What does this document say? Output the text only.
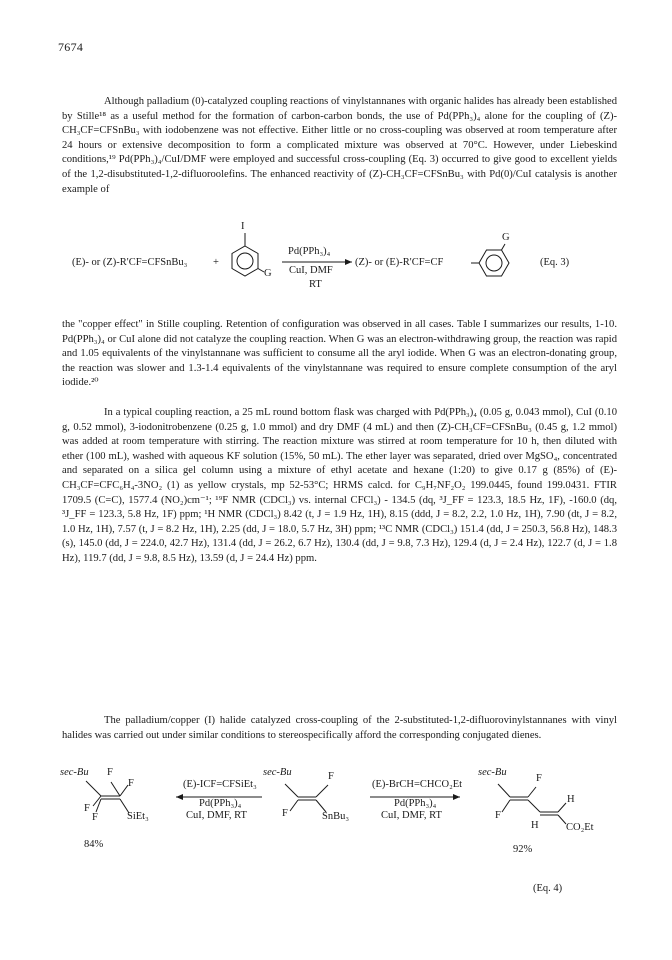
7674

Although palladium (0)-catalyzed coupling reactions of vinylstannanes with organic halides has already been established by Stille¹⁸ as a useful method for the formation of carbon-carbon bonds, the use of Pd(PPh₃)₄ alone for the coupling of (Z)-CH₃CF=CFSnBu₃ with iodobenzene was not effective. Either little or no cross-coupling was observed at room temperature after 24 hours or extensive decomposition to form a complicated mixture was observed at 70°C. However, under Liebeskind conditions,¹⁹ Pd(PPh₃)₄/CuI/DMF were employed and successful cross-coupling (Eq. 3) occurred to give good to excellent yields of the 1,2-disubstituted-1,2-difluoroolefins. The enhanced reactivity of (Z)-CH₃CF=CFSnBu₃ with Pd(0)/CuI catalysis is another example of

(E)- or (Z)-R'CF=CFSnBu₃ +
I
G
Pd(PPh₃)₄
CuI, DMF
RT
(Z)- or (E)-R'CF=CF
G
(Eq. 3)

the "copper effect" in Stille coupling. Retention of configuration was observed in all cases. Table I summarizes our results, 1-10. Pd(PPh₃)₄ or CuI alone did not catalyze the coupling reaction. When G was an electron-withdrawing group, the reaction was rapid and 1.05 equivalents of the vinylstannane was sufficient to consume all the aryl iodide. When G was an electron-donating group, the reaction was slower and 1.3-1.4 equivalents of the vinylstannane was required to ensure complete consumption of the aryl iodide.²⁰

In a typical coupling reaction, a 25 mL round bottom flask was charged with Pd(PPh₃)₄ (0.05 g, 0.043 mmol), CuI (0.10 g, 0.52 mmol), 3-iodonitrobenzene (0.25 g, 1.0 mmol) and dry DMF (4 mL) and then (Z)-CH₃CF=CFSnBu₃ (0.45 g, 1.2 mmol) was added at room temperature with stirring. The reaction mixture was stirred at room temperature for 10 h, then diluted with ether (100 mL), washed with aqueous KF solution (15%, 50 mL). The ether layer was separated, dried over MgSO₄, concentrated and separated on a silica gel column using a mixture of ethyl acetate and hexane (1:20) to give 0.17 g (85%) of (E)-CH₃CF=CFC₆H₄-3NO₂ (1) as yellow crystals, mp 52-53°C; HRMS calcd. for C₉H₇NF₂O₂ 199.0445, found 199.0431. FTIR 1709.5 (C=C), 1577.4 (NO₂)cm⁻¹; ¹⁹F NMR (CDCl₃) vs. internal CFCl₃) - 134.5 (dq, ³J_FF = 123.3, 18.5 Hz, 1F), -160.0 (dq, ³J_FF = 123.3, 5.8 Hz, 1F) ppm; ¹H NMR (CDCl₃) 8.42 (t, J = 1.9 Hz, 1H), 8.15 (ddd, J = 8.2, 2.2, 1.0 Hz, 1H), 7.90 (dt, J = 8.2, 1.0 Hz, 1H), 7.57 (t, J = 8.2 Hz, 1H), 2.25 (dd, J = 18.0, 5.7 Hz, 3H) ppm; ¹³C NMR (CDCl₃) 151.4 (dd, J = 250.3, 56.8 Hz), 148.3 (s), 145.0 (dd, J = 224.0, 42.7 Hz), 131.4 (dd, J = 26.2, 6.7 Hz), 130.4 (dd, J = 9.8, 7.3 Hz), 129.4 (d, J = 2.4 Hz), 122.7 (d, J = 1.8 Hz), 119.7 (dd, J = 9.8, 8.5 Hz), 13.59 (d, J = 24.4 Hz) ppm.

The palladium/copper (I) halide catalyzed cross-coupling of the 2-substituted-1,2-difluorovinylstannanes with vinyl halides was carried out under similar conditions to stereospecifically afford the corresponding conjugated dienes.

sec-Bu F
F
F
F	SiEt₃
(E)-ICF=CFSiEt₃
Pd(PPh₃)₄
CuI, DMF, RT
sec-Bu	F
F	SnBu₃
(E)-BrCH=CHCO₂Et
Pd(PPh₃)₄
CuI, DMF, RT
sec-Bu
F
F
H
H	CO₂Et
84%	92%
(Eq. 4)
